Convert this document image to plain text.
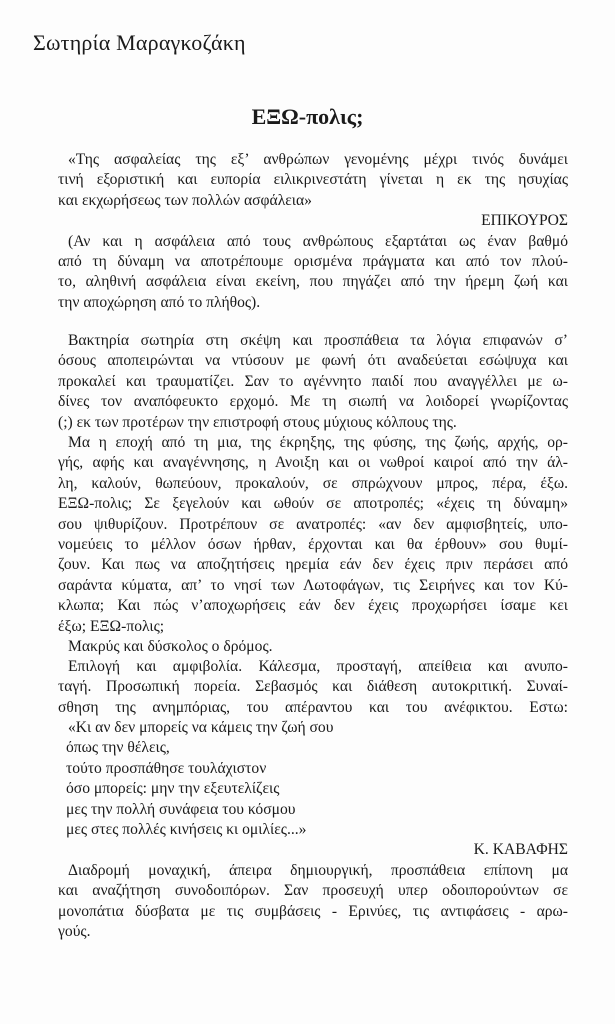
Σωτηρία Μαραγκοζάκη
ΕΞΩ-πολις;
«Της ασφαλείας της εξ’ ανθρώπων γενομένης μέχρι τινός δυνάμει
τινή εξοριστική και ευπορία ειλικρινεστάτη γίνεται η εκ της ησυχίας
και εκχωρήσεως των πολλών ασφάλεια»
ΕΠΙΚΟΥΡΟΣ
(Αν και η ασφάλεια από τους ανθρώπους εξαρτάται ως έναν βαθμό
από τη δύναμη να αποτρέπουμε ορισμένα πράγματα και από τον πλού-
το, αληθινή ασφάλεια είναι εκείνη, που πηγάζει από την ήρεμη ζωή και
την αποχώρηση από το πλήθος).
Βακτηρία σωτηρία στη σκέψη και προσπάθεια τα λόγια επιφανών σ’
όσους αποπειρώνται να ντύσουν με φωνή ότι αναδεύεται εσώψυχα και
προκαλεί και τραυματίζει. Σαν το αγέννητο παιδί που αναγγέλλει με ω-
δίνες τον αναπόφευκτο ερχομό. Με τη σιωπή να λοιδορεί γνωρίζοντας
(;) εκ των προτέρων την επιστροφή στους μύχιους κόλπους της.
Μα η εποχή από τη μια, της έκρηξης, της φύσης, της ζωής, αρχής, ορ-
γής, αφής και αναγέννησης, η Ανοιξη και οι νωθροί καιροί από την άλ-
λη, καλούν, θωπεύουν, προκαλούν, σε σπρώχνουν μπρος, πέρα, έξω.
ΕΞΩ-πολις; Σε ξεγελούν και ωθούν σε αποτροπές; «έχεις τη δύναμη»
σου ψιθυρίζουν. Προτρέπουν σε ανατροπές: «αν δεν αμφισβητείς, υπο-
νομεύεις το μέλλον όσων ήρθαν, έρχονται και θα έρθουν» σου θυμί-
ζουν. Και πως να αποζητήσεις ηρεμία εάν δεν έχεις πριν περάσει από
σαράντα κύματα, απ’ το νησί των Λωτοφάγων, τις Σειρήνες και τον Κύ-
κλωπα; Και πώς ν’αποχωρήσεις εάν δεν έχεις προχωρήσει ίσαμε κει
έξω; ΕΞΩ-πολις;
Μακρύς και δύσκολος ο δρόμος.
Επιλογή και αμφιβολία. Κάλεσμα, προσταγή, απείθεια και ανυπο-
ταγή. Προσωπική πορεία. Σεβασμός και διάθεση αυτοκριτική. Συναί-
σθηση της ανημπόριας, του απέραντου και του ανέφικτου. Εστω:
«Κι αν δεν μπορείς να κάμεις την ζωή σου
όπως την θέλεις,
τούτο προσπάθησε τουλάχιστον
όσο μπορείς: μην την εξευτελίζεις
μες την πολλή συνάφεια του κόσμου
μες στες πολλές κινήσεις κι ομιλίες...»
Κ. ΚΑΒΑΦΗΣ
Διαδρομή μοναχική, άπειρα δημιουργική, προσπάθεια επίπονη μα
και αναζήτηση συνοδοιπόρων. Σαν προσευχή υπερ οδοιπορούντων σε
μονοπάτια δύσβατα με τις συμβάσεις - Ερινύες, τις αντιφάσεις - αρω-
γούς.
